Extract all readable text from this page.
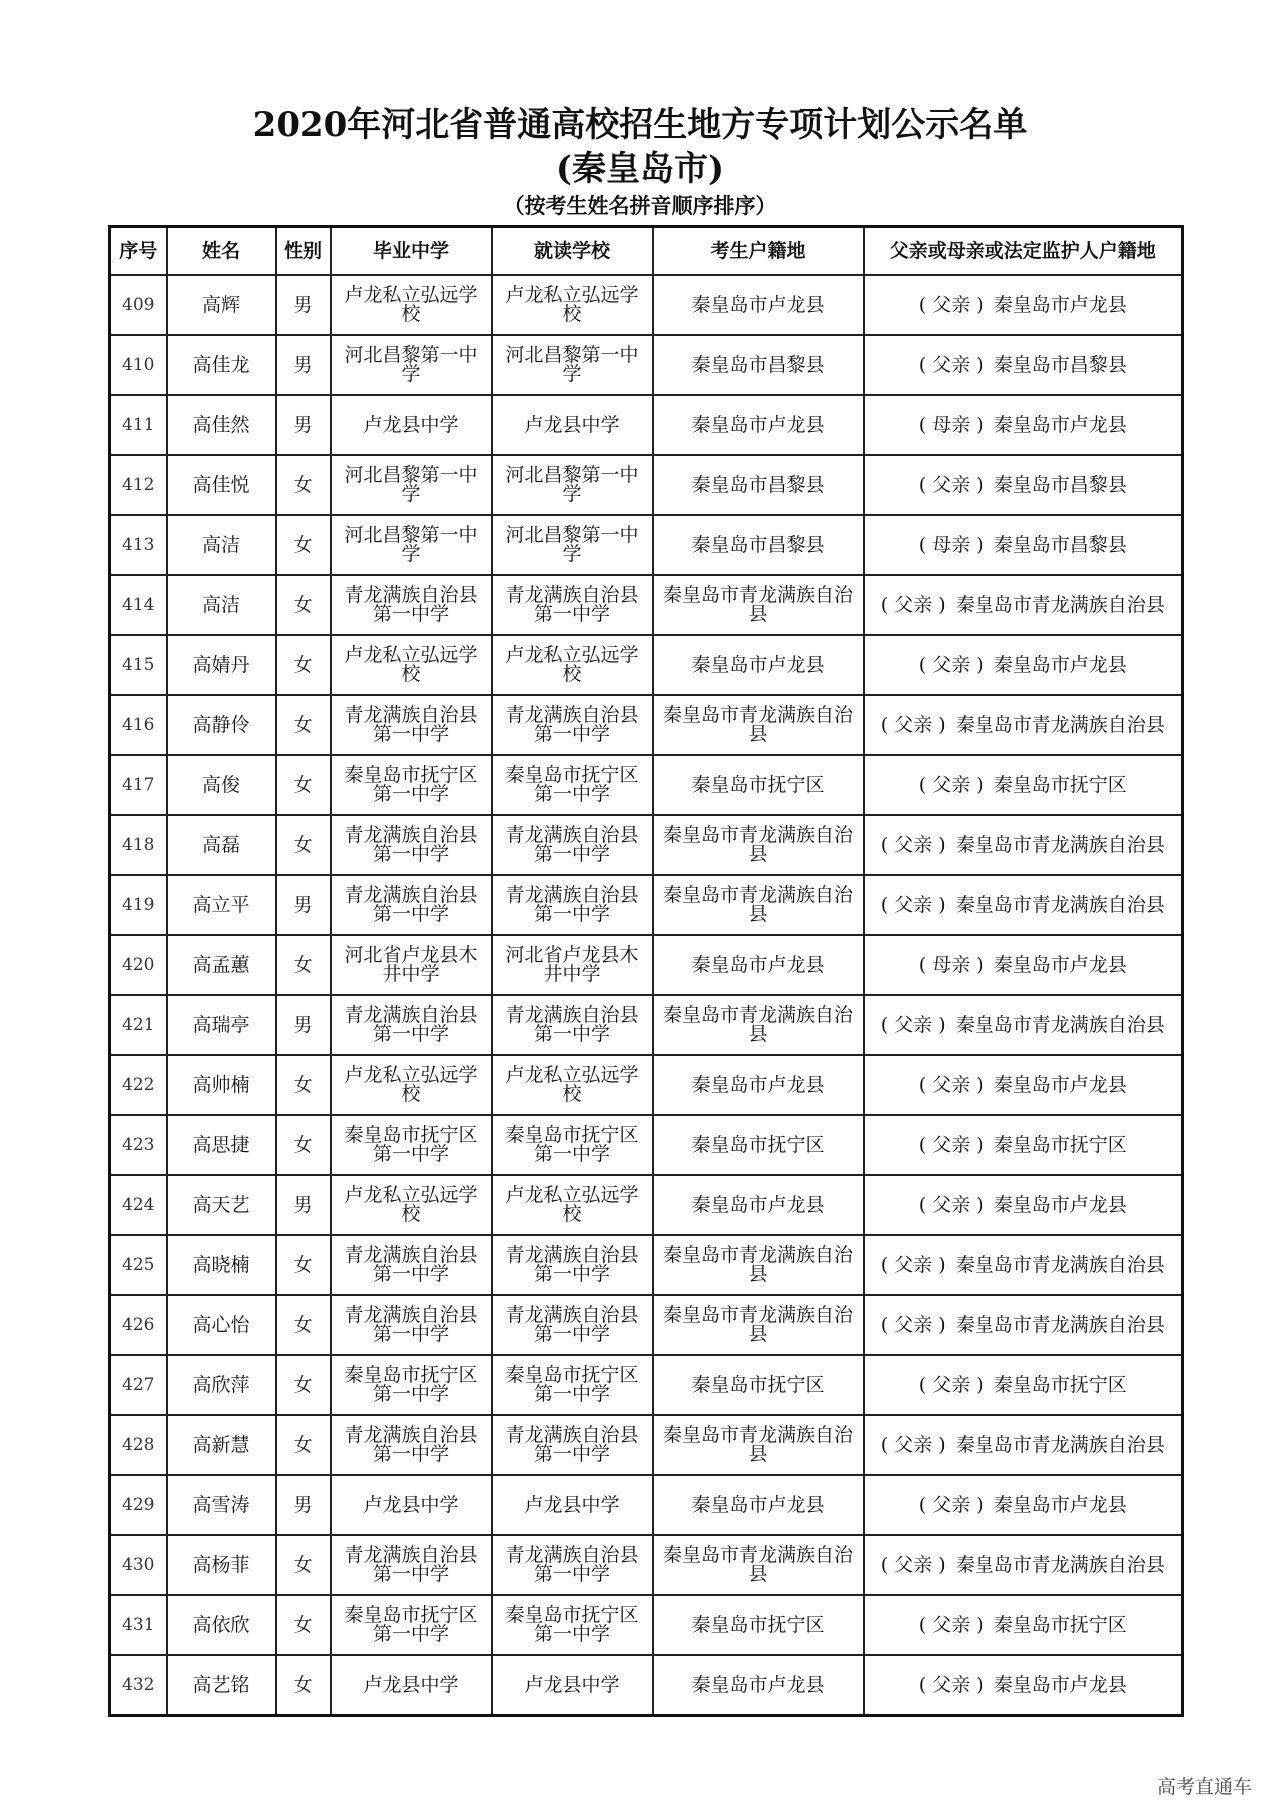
2020年河北省普通高校招生地方专项计划公示名单
(秦皇岛市)
（按考生姓名拼音顺序排序）
序号	姓名	性别	毕业中学	就读学校	考生户籍地	父亲或母亲或法定监护人户籍地
409	高辉	男	卢龙私立弘远学校	卢龙私立弘远学校	秦皇岛市卢龙县	( 父亲 ) 秦皇岛市卢龙县
410	高佳龙	男	河北昌黎第一中学	河北昌黎第一中学	秦皇岛市昌黎县	( 父亲 ) 秦皇岛市昌黎县
411	高佳然	男	卢龙县中学	卢龙县中学	秦皇岛市卢龙县	( 母亲 ) 秦皇岛市卢龙县
412	高佳悦	女	河北昌黎第一中学	河北昌黎第一中学	秦皇岛市昌黎县	( 父亲 ) 秦皇岛市昌黎县
413	高洁	女	河北昌黎第一中学	河北昌黎第一中学	秦皇岛市昌黎县	( 母亲 ) 秦皇岛市昌黎县
414	高洁	女	青龙满族自治县第一中学	青龙满族自治县第一中学	秦皇岛市青龙满族自治县	( 父亲 ) 秦皇岛市青龙满族自治县
415	高婧丹	女	卢龙私立弘远学校	卢龙私立弘远学校	秦皇岛市卢龙县	( 父亲 ) 秦皇岛市卢龙县
416	高静伶	女	青龙满族自治县第一中学	青龙满族自治县第一中学	秦皇岛市青龙满族自治县	( 父亲 ) 秦皇岛市青龙满族自治县
417	高俊	女	秦皇岛市抚宁区第一中学	秦皇岛市抚宁区第一中学	秦皇岛市抚宁区	( 父亲 ) 秦皇岛市抚宁区
418	高磊	女	青龙满族自治县第一中学	青龙满族自治县第一中学	秦皇岛市青龙满族自治县	( 父亲 ) 秦皇岛市青龙满族自治县
419	高立平	男	青龙满族自治县第一中学	青龙满族自治县第一中学	秦皇岛市青龙满族自治县	( 父亲 ) 秦皇岛市青龙满族自治县
420	高孟蕙	女	河北省卢龙县木井中学	河北省卢龙县木井中学	秦皇岛市卢龙县	( 母亲 ) 秦皇岛市卢龙县
421	高瑞亭	男	青龙满族自治县第一中学	青龙满族自治县第一中学	秦皇岛市青龙满族自治县	( 父亲 ) 秦皇岛市青龙满族自治县
422	高帅楠	女	卢龙私立弘远学校	卢龙私立弘远学校	秦皇岛市卢龙县	( 父亲 ) 秦皇岛市卢龙县
423	高思捷	女	秦皇岛市抚宁区第一中学	秦皇岛市抚宁区第一中学	秦皇岛市抚宁区	( 父亲 ) 秦皇岛市抚宁区
424	高天艺	男	卢龙私立弘远学校	卢龙私立弘远学校	秦皇岛市卢龙县	( 父亲 ) 秦皇岛市卢龙县
425	高晓楠	女	青龙满族自治县第一中学	青龙满族自治县第一中学	秦皇岛市青龙满族自治县	( 父亲 ) 秦皇岛市青龙满族自治县
426	高心怡	女	青龙满族自治县第一中学	青龙满族自治县第一中学	秦皇岛市青龙满族自治县	( 父亲 ) 秦皇岛市青龙满族自治县
427	高欣萍	女	秦皇岛市抚宁区第一中学	秦皇岛市抚宁区第一中学	秦皇岛市抚宁区	( 父亲 ) 秦皇岛市抚宁区
428	高新慧	女	青龙满族自治县第一中学	青龙满族自治县第一中学	秦皇岛市青龙满族自治县	( 父亲 ) 秦皇岛市青龙满族自治县
429	高雪涛	男	卢龙县中学	卢龙县中学	秦皇岛市卢龙县	( 父亲 ) 秦皇岛市卢龙县
430	高杨菲	女	青龙满族自治县第一中学	青龙满族自治县第一中学	秦皇岛市青龙满族自治县	( 父亲 ) 秦皇岛市青龙满族自治县
431	高依欣	女	秦皇岛市抚宁区第一中学	秦皇岛市抚宁区第一中学	秦皇岛市抚宁区	( 父亲 ) 秦皇岛市抚宁区
432	高艺铭	女	卢龙县中学	卢龙县中学	秦皇岛市卢龙县	( 父亲 ) 秦皇岛市卢龙县
高考直通车
